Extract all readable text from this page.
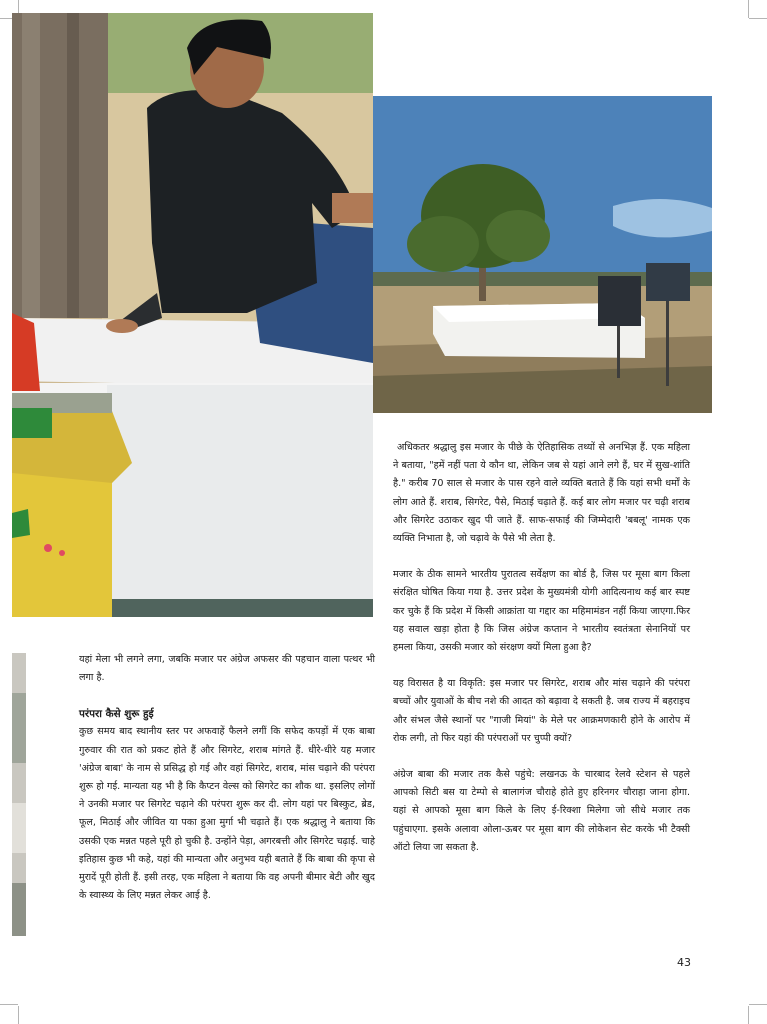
यहां मेला भी लगने लगा, जबकि मजार पर अंग्रेज अफसर की पहचान वाला पत्थर भी लगा है.

परंपरा कैसे शुरू हुई
कुछ समय बाद स्थानीय स्तर पर अफवाहें फैलने लगीं कि सफेद कपड़ों में एक बाबा गुरुवार की रात को प्रकट होते हैं और सिगरेट, शराब मांगते हैं. धीरे-धीरे यह मजार 'अंग्रेज बाबा' के नाम से प्रसिद्ध हो गई और वहां सिगरेट, शराब, मांस चढ़ाने की परंपरा शुरू हो गई. मान्यता यह भी है कि कैप्टन वेल्स को सिगरेट का शौक था. इसलिए लोगों ने उनकी मजार पर सिगरेट चढ़ाने की परंपरा शुरू कर दी. लोग यहां पर बिस्कुट, ब्रेड, फूल, मिठाई और जीवित या पका हुआ मुर्गा भी चढ़ाते हैं। एक श्रद्धालु ने बताया कि उसकी एक मन्नत पहले पूरी हो चुकी है. उन्होंने पेड़ा, अगरबत्ती और सिगरेट चढ़ाई. चाहे इतिहास कुछ भी कहे, यहां की मान्यता और अनुभव यही बताते हैं कि बाबा की कृपा से मुरादें पूरी होती हैं. इसी तरह, एक महिला ने बताया कि वह अपनी बीमार बेटी और खुद के स्वास्थ्य के लिए मन्नत लेकर आई है.

अधिकतर श्रद्धालु इस मजार के पीछे के ऐतिहासिक तथ्यों से अनभिज्ञ हैं. एक महिला ने बताया, "हमें नहीं पता ये कौन था, लेकिन जब से यहां आने लगे हैं, घर में सुख-शांति है." करीब 70 साल से मजार के पास रहने वाले व्यक्ति बताते हैं कि यहां सभी धर्मों के लोग आते हैं. शराब, सिगरेट, पैसे, मिठाई चढ़ाते हैं. कई बार लोग मजार पर चढ़ी शराब और सिगरेट उठाकर खुद पी जाते हैं. साफ-सफाई की जिम्मेदारी 'बबलू' नामक एक व्यक्ति निभाता है, जो चढ़ावे के पैसे भी लेता है.

मजार के ठीक सामने भारतीय पुरातत्व सर्वेक्षण का बोर्ड है, जिस पर मूसा बाग किला संरक्षित घोषित किया गया है. उत्तर प्रदेश के मुख्यमंत्री योगी आदित्यनाथ कई बार स्पष्ट कर चुके हैं कि प्रदेश में किसी आक्रांता या गद्दार का महिमामंडन नहीं किया जाएगा.फिर यह सवाल खड़ा होता है कि जिस अंग्रेज कप्तान ने भारतीय स्वतंत्रता सेनानियों पर हमला किया, उसकी मजार को संरक्षण क्यों मिला हुआ है?

यह विरासत है या विकृति: इस मजार पर सिगरेट, शराब और मांस चढ़ाने की परंपरा बच्चों और युवाओं के बीच नशे की आदत को बढ़ावा दे सकती है. जब राज्य में बहराइच और संभल जैसे स्थानों पर "गाजी मियां" के मेले पर आक्रमणकारी होने के आरोप में रोक लगी, तो फिर यहां की परंपराओं पर चुप्पी क्यों?

अंग्रेज बाबा की मजार तक कैसे पहुंचे: लखनऊ के चारबाद रेलवे स्टेशन से पहले आपको सिटी बस या टेम्पो से बालागंज चौराहे होते हुए हरिनगर चौराहा जाना होगा. यहां से आपको मूसा बाग किले के लिए ई-रिक्शा मिलेगा जो सीधे मजार तक पहुंचाएगा. इसके अलावा ओला-ऊबर पर मूसा बाग की लोकेशन सेट करके भी टैक्सी ऑटो लिया जा सकता है.

43
